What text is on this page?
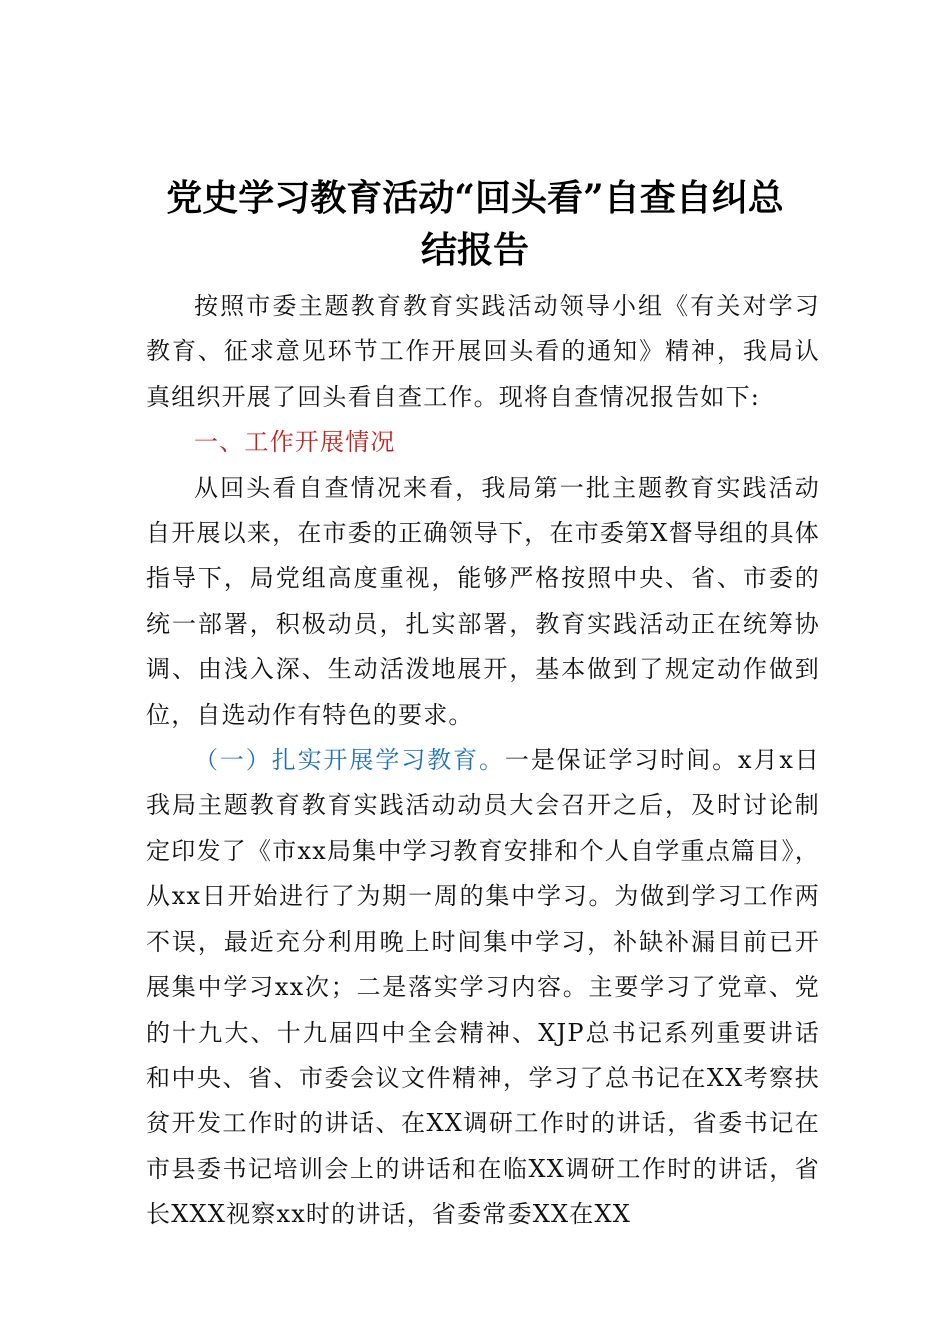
党史学习教育活动“回头看”自查自纠总
结报告

按照市委主题教育教育实践活动领导小组《有关对学习教育、征求意见环节工作开展回头看的通知》精神，我局认真组织开展了回头看自查工作。现将自查情况报告如下:

一、工作开展情况

从回头看自查情况来看，我局第一批主题教育实践活动自开展以来，在市委的正确领导下，在市委第X督导组的具体指导下，局党组高度重视，能够严格按照中央、省、市委的统一部署，积极动员，扎实部署，教育实践活动正在统筹协调、由浅入深、生动活泼地展开，基本做到了规定动作做到位，自选动作有特色的要求。

（一）扎实开展学习教育。一是保证学习时间。x月x日我局主题教育教育实践活动动员大会召开之后，及时讨论制定印发了《市xx局集中学习教育安排和个人自学重点篇目》，从xx日开始进行了为期一周的集中学习。为做到学习工作两不误，最近充分利用晚上时间集中学习，补缺补漏目前已开展集中学习xx次；二是落实学习内容。主要学习了党章、党的十九大、十九届四中全会精神、XJP总书记系列重要讲话和中央、省、市委会议文件精神，学习了总书记在XX考察扶贫开发工作时的讲话、在XX调研工作时的讲话，省委书记在市县委书记培训会上的讲话和在临XX调研工作时的讲话，省长XXX视察xx时的讲话，省委常委XX在XX
